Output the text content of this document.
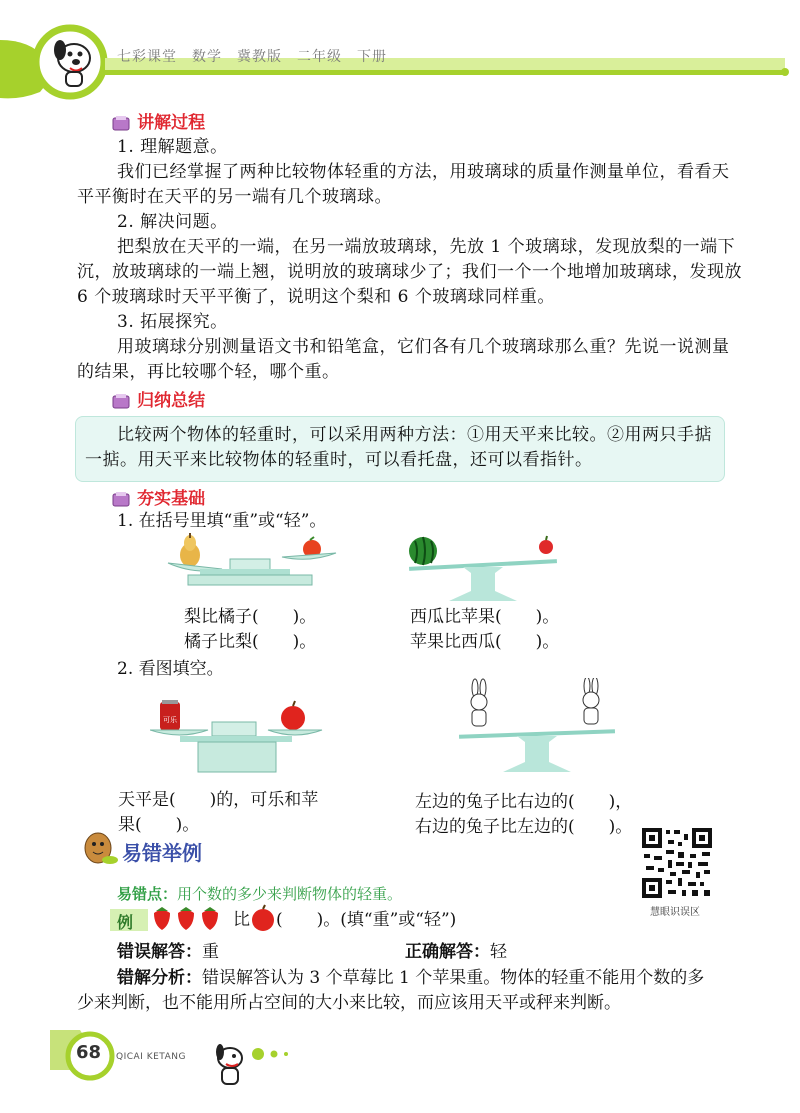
七彩课堂　数学　冀教版　二年级　下册
讲解过程
1. 理解题意。
我们已经掌握了两种比较物体轻重的方法，用玻璃球的质量作测量单位，看看天
平平衡时在天平的另一端有几个玻璃球。
2. 解决问题。
把梨放在天平的一端，在另一端放玻璃球，先放 1 个玻璃球，发现放梨的一端下
沉，放玻璃球的一端上翘，说明放的玻璃球少了；我们一个一个地增加玻璃球，发现放
6 个玻璃球时天平平衡了，说明这个梨和 6 个玻璃球同样重。
3. 拓展探究。
用玻璃球分别测量语文书和铅笔盒，它们各有几个玻璃球那么重？先说一说测量
的结果，再比较哪个轻，哪个重。
归纳总结
比较两个物体的轻重时，可以采用两种方法：①用天平来比较。②用两只手掂
一掂。用天平来比较物体的轻重时，可以看托盘，还可以看指针。
夯实基础
1. 在括号里填“重”或“轻”。
梨比橘子(　　)。
橘子比梨(　　)。
西瓜比苹果(　　)。
苹果比西瓜(　　)。
2. 看图填空。
可乐
天平是(　　)的，可乐和苹
果(　　)。
左边的兔子比右边的(　　)，
右边的兔子比左边的(　　)。
易错举例
慧眼识误区
易错点：用个数的多少来判断物体的轻重。
例	比 (　　)。(填“重”或“轻”)
错误解答：重	正确解答：轻
错解分析：错误解答认为 3 个草莓比 1 个苹果重。物体的轻重不能用个数的多
少来判断，也不能用所占空间的大小来比较，而应该用天平或秤来判断。
68 QICAI KETANG
